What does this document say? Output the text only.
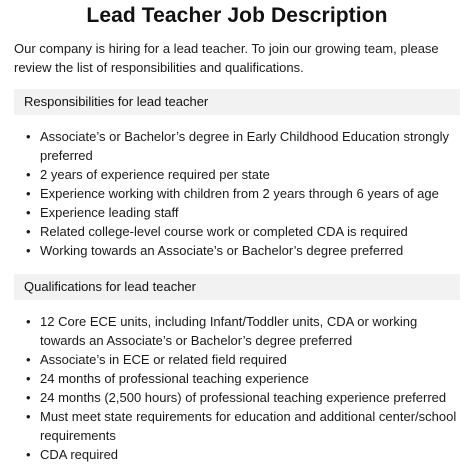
Lead Teacher Job Description

Our company is hiring for a lead teacher. To join our growing team, please review the list of responsibilities and qualifications.

Responsibilities for lead teacher
• Associate’s or Bachelor’s degree in Early Childhood Education strongly preferred
• 2 years of experience required per state
• Experience working with children from 2 years through 6 years of age
• Experience leading staff
• Related college-level course work or completed CDA is required
• Working towards an Associate’s or Bachelor’s degree preferred
Qualifications for lead teacher
• 12 Core ECE units, including Infant/Toddler units, CDA or working towards an Associate’s or Bachelor’s degree preferred
• Associate’s in ECE or related field required
• 24 months of professional teaching experience
• 24 months (2,500 hours) of professional teaching experience preferred
• Must meet state requirements for education and additional center/school requirements
• CDA required
